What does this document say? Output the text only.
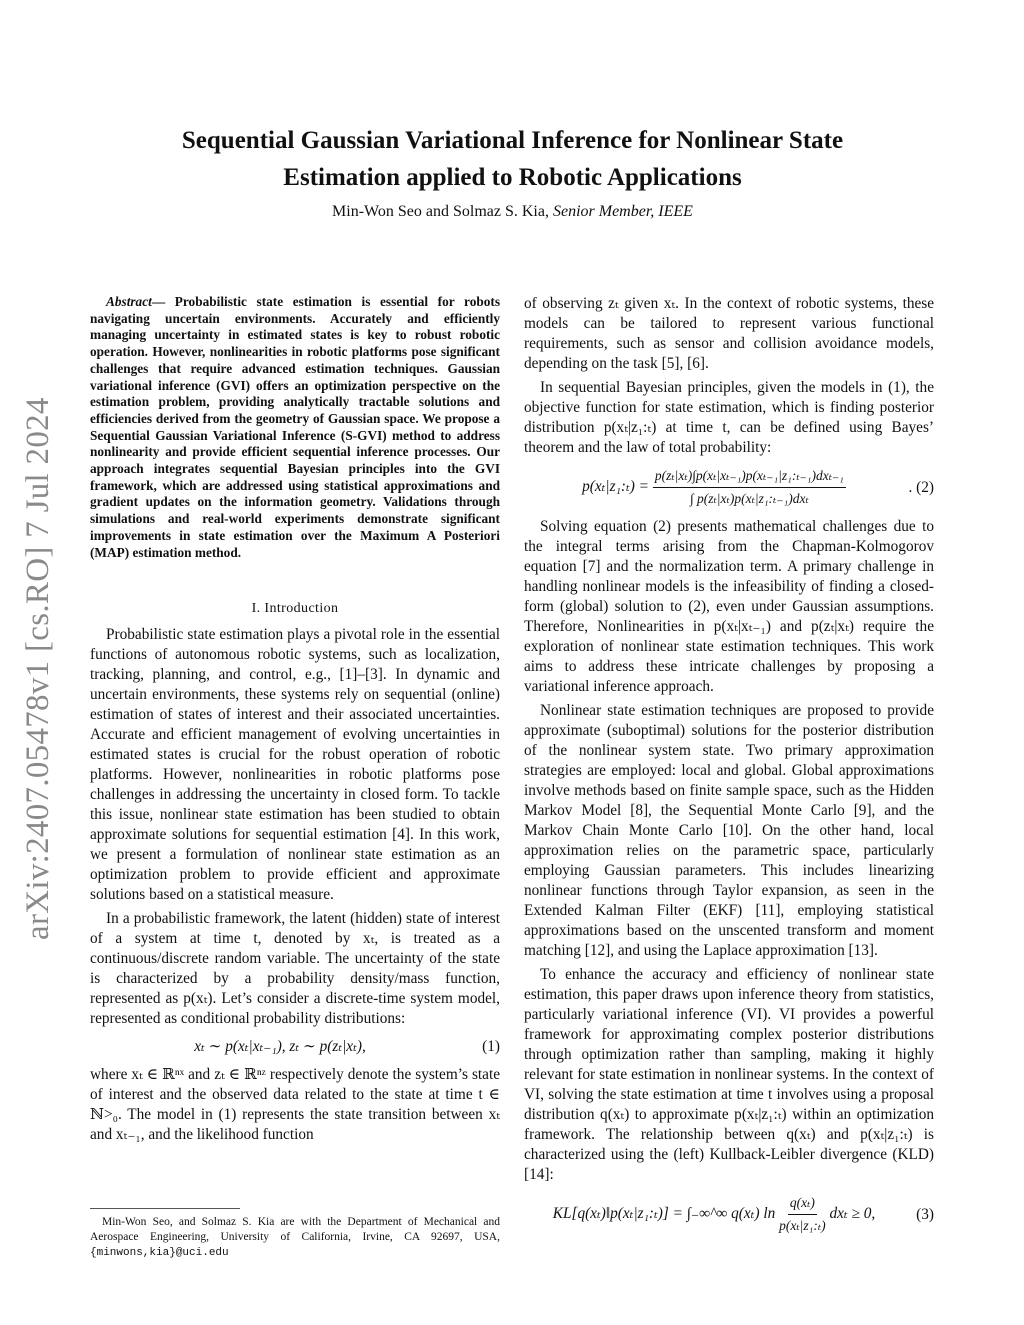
arXiv:2407.05478v1 [cs.RO] 7 Jul 2024
Sequential Gaussian Variational Inference for Nonlinear State
Estimation applied to Robotic Applications
Min-Won Seo and Solmaz S. Kia, Senior Member, IEEE
Abstract— Probabilistic state estimation is essential for robots navigating uncertain environments. Accurately and efficiently managing uncertainty in estimated states is key to robust robotic operation. However, nonlinearities in robotic platforms pose significant challenges that require advanced estimation techniques. Gaussian variational inference (GVI) offers an optimization perspective on the estimation problem, providing analytically tractable solutions and efficiencies derived from the geometry of Gaussian space. We propose a Sequential Gaussian Variational Inference (S-GVI) method to address nonlinearity and provide efficient sequential inference processes. Our approach integrates sequential Bayesian principles into the GVI framework, which are addressed using statistical approximations and gradient updates on the information geometry. Validations through simulations and real-world experiments demonstrate significant improvements in state estimation over the Maximum A Posteriori (MAP) estimation method.
I. Introduction

Probabilistic state estimation plays a pivotal role in the essential functions of autonomous robotic systems, such as localization, tracking, planning, and control, e.g., [1]–[3]. In dynamic and uncertain environments, these systems rely on sequential (online) estimation of states of interest and their associated uncertainties. Accurate and efficient management of evolving uncertainties in estimated states is crucial for the robust operation of robotic platforms. However, nonlinearities in robotic platforms pose challenges in addressing the uncertainty in closed form. To tackle this issue, nonlinear state estimation has been studied to obtain approximate solutions for sequential estimation [4]. In this work, we present a formulation of nonlinear state estimation as an optimization problem to provide efficient and approximate solutions based on a statistical measure.

In a probabilistic framework, the latent (hidden) state of interest of a system at time t, denoted by xₜ, is treated as a continuous/discrete random variable. The uncertainty of the state is characterized by a probability density/mass function, represented as p(xₜ). Let’s consider a discrete-time system model, represented as conditional probability distributions:

xₜ ∼ p(xₜ|xₜ₋₁), zₜ ∼ p(zₜ|xₜ),	(1)

where xₜ ∈ ℝⁿˣ and zₜ ∈ ℝⁿᶻ respectively denote the system’s state of interest and the observed data related to the state at time t ∈ ℕ>₀. The model in (1) represents the state transition between xₜ and xₜ₋₁, and the likelihood function

Min-Won Seo, and Solmaz S. Kia are with the Department of Mechanical and Aerospace Engineering, University of California, Irvine, CA 92697, USA, {minwons,kia}@uci.edu

of observing zₜ given xₜ. In the context of robotic systems, these models can be tailored to represent various functional requirements, such as sensor and collision avoidance models, depending on the task [5], [6].

In sequential Bayesian principles, given the models in (1), the objective function for state estimation, which is finding posterior distribution p(xₜ|z₁:ₜ) at time t, can be defined using Bayes’ theorem and the law of total probability:

p(xₜ|z₁:ₜ) = $\frac{\text{p(zₜ|xₜ)∫p(xₜ|xₜ₋₁)p(xₜ₋₁|z₁:ₜ₋₁)dxₜ₋₁}}{\text{∫ p(zₜ|xₜ)p(xₜ|z₁:ₜ₋₁)dxₜ}}$	. (2)

Solving equation (2) presents mathematical challenges due to the integral terms arising from the Chapman-Kolmogorov equation [7] and the normalization term. A primary challenge in handling nonlinear models is the infeasibility of finding a closed-form (global) solution to (2), even under Gaussian assumptions. Therefore, Nonlinearities in p(xₜ|xₜ₋₁) and p(zₜ|xₜ) require the exploration of nonlinear state estimation techniques. This work aims to address these intricate challenges by proposing a variational inference approach.

Nonlinear state estimation techniques are proposed to provide approximate (suboptimal) solutions for the posterior distribution of the nonlinear system state. Two primary approximation strategies are employed: local and global. Global approximations involve methods based on finite sample space, such as the Hidden Markov Model [8], the Sequential Monte Carlo [9], and the Markov Chain Monte Carlo [10]. On the other hand, local approximation relies on the parametric space, particularly employing Gaussian parameters. This includes linearizing nonlinear functions through Taylor expansion, as seen in the Extended Kalman Filter (EKF) [11], employing statistical approximations based on the unscented transform and moment matching [12], and using the Laplace approximation [13].

To enhance the accuracy and efficiency of nonlinear state estimation, this paper draws upon inference theory from statistics, particularly variational inference (VI). VI provides a powerful framework for approximating complex posterior distributions through optimization rather than sampling, making it highly relevant for state estimation in nonlinear systems. In the context of VI, solving the state estimation at time t involves using a proposal distribution q(xₜ) to approximate p(xₜ|z₁:ₜ) within an optimization framework. The relationship between q(xₜ) and p(xₜ|z₁:ₜ) is characterized using the (left) Kullback-Leibler divergence (KLD) [14]:

KL[q(xₜ)‖p(xₜ|z₁:ₜ)] = ∫₋∞^∞ q(xₜ) $\ln \frac{\text{q(xₜ)}}{\text{p(xₜ|z₁:ₜ)}}$ dxₜ ≥ 0,	(3)
